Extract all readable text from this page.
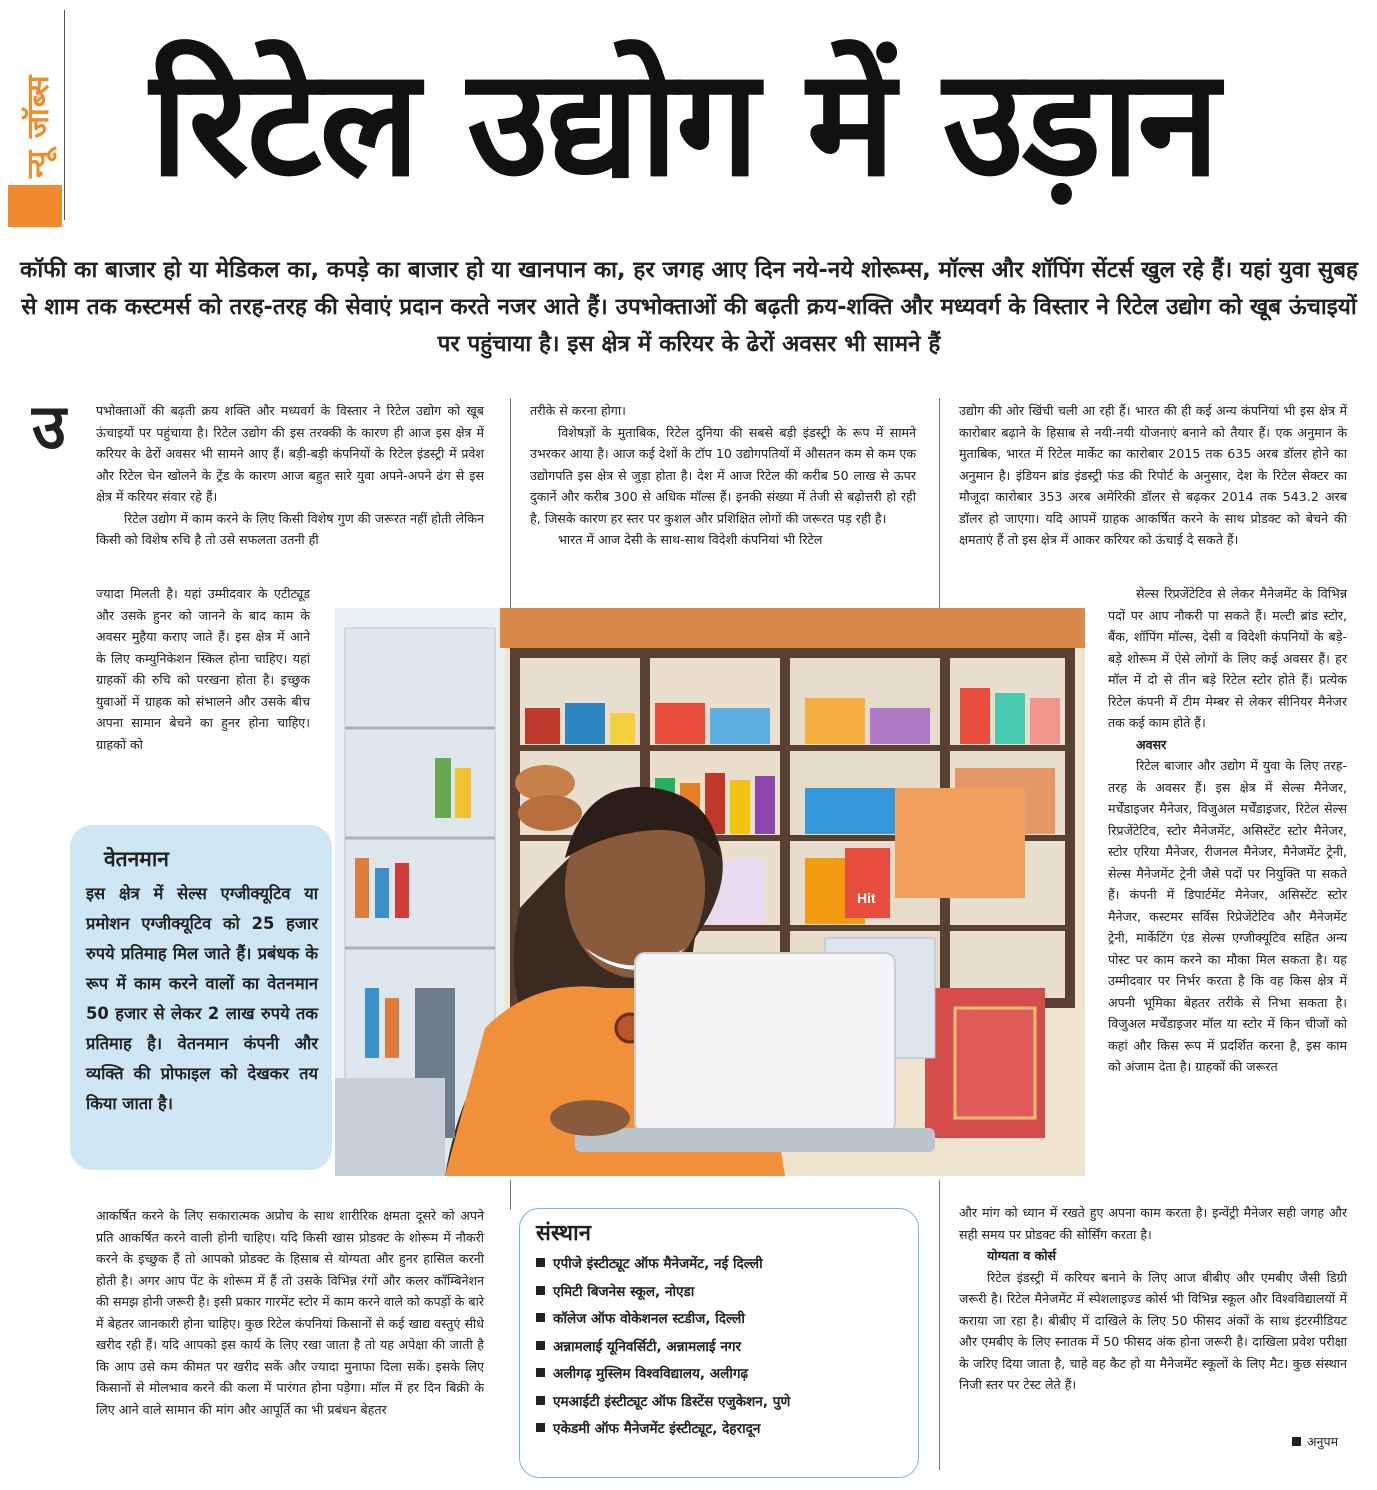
न्यू जॉब्स रिटेल उद्योग में उड़ान
कॉफी का बाजार हो या मेडिकल का, कपड़े का बाजार हो या खानपान का, हर जगह आए दिन नये-नये शोरूम्स, मॉल्स और शॉपिंग सेंटर्स खुल रहे हैं। यहां युवा सुबह से शाम तक कस्टमर्स को तरह-तरह की सेवाएं प्रदान करते नजर आते हैं। उपभोक्ताओं की बढ़ती क्रय-शक्ति और मध्यवर्ग के विस्तार ने रिटेल उद्योग को खूब ऊंचाइयों पर पहुंचाया है। इस क्षेत्र में करियर के ढेरों अवसर भी सामने हैं
उ पभोक्ताओं की बढ़ती क्रय शक्ति और मध्यवर्ग के विस्तार ने रिटेल उद्योग को खूब ऊंचाइयों पर पहुंचाया है। रिटेल उद्योग की इस तरक्की के कारण ही आज इस क्षेत्र में करियर के ढेरों अवसर भी सामने आए हैं। बड़ी-बड़ी कंपनियों के रिटेल इंडस्ट्री में प्रवेश और रिटेल चेन खोलने के ट्रेंड के कारण आज बहुत सारे युवा अपने-अपने ढंग से इस क्षेत्र में करियर संवार रहे हैं।

रिटेल उद्योग में काम करने के लिए किसी विशेष गुण की जरूरत नहीं होती लेकिन किसी को विशेष रुचि है तो उसे सफलता उतनी ही

ज्यादा मिलती है। यहां उम्मीदवार के एटीट्यूड और उसके हुनर को जानने के बाद काम के अवसर मुहैया कराए जाते हैं। इस क्षेत्र में आने के लिए कम्युनिकेशन स्किल होना चाहिए। यहां ग्राहकों की रुचि को परखना होता है। इच्छुक युवाओं में ग्राहक को संभालने और उसके बीच अपना सामान बेचने का हुनर होना चाहिए। ग्राहकों को

आकर्षित करने के लिए सकारात्मक अप्रोच के साथ शारीरिक क्षमता दूसरे को अपने प्रति आकर्षित करने वाली होनी चाहिए। यदि किसी खास प्रोडक्ट के शोरूम में नौकरी करने के इच्छुक हैं तो आपको प्रोडक्ट के हिसाब से योग्यता और हुनर हासिल करनी होती है। अगर आप पेंट के शोरूम में हैं तो उसके विभिन्न रंगों और कलर कॉम्बिनेशन की समझ होनी जरूरी है। इसी प्रकार गारमेंट स्टोर में काम करने वाले को कपड़ों के बारे में बेहतर जानकारी होना चाहिए। कुछ रिटेल कंपनियां किसानों से कई खाद्य वस्तुएं सीधे खरीद रही हैं। यदि आपको इस कार्य के लिए रखा जाता है तो यह अपेक्षा की जाती है कि आप उसे कम कीमत पर खरीद सकें और ज्यादा मुनाफा दिला सकें। इसके लिए किसानों से मोलभाव करने की कला में पारंगत होना पड़ेगा। मॉल में हर दिन बिक्री के लिए आने वाले सामान की मांग और आपूर्ति का भी प्रबंधन बेहतर

तरीके से करना होगा।

विशेषज्ञों के मुताबिक, रिटेल दुनिया की सबसे बड़ी इंडस्ट्री के रूप में सामने उभरकर आया है। आज कई देशों के टॉप 10 उद्योगपतियों में औसतन कम से कम एक उद्योगपति इस क्षेत्र से जुड़ा होता है। देश में आज रिटेल की करीब 50 लाख से ऊपर दुकानें और करीब 300 से अधिक मॉल्स हैं। इनकी संख्या में तेजी से बढ़ोत्तरी हो रही है, जिसके कारण हर स्तर पर कुशल और प्रशिक्षित लोगों की जरूरत पड़ रही है।

भारत में आज देसी के साथ-साथ विदेशी कंपनियां भी रिटेल

उद्योग की ओर खिंची चली आ रही हैं। भारत की ही कई अन्य कंपनियां भी इस क्षेत्र में कारोबार बढ़ाने के हिसाब से नयी-नयी योजनाएं बनाने को तैयार हैं। एक अनुमान के मुताबिक, भारत में रिटेल मार्केट का कारोबार 2015 तक 635 अरब डॉलर होने का अनुमान है। इंडियन ब्रांड इंडस्ट्री फंड की रिपोर्ट के अनुसार, देश के रिटेल सेक्टर का मौजूदा कारोबार 353 अरब अमेरिकी डॉलर से बढ़कर 2014 तक 543.2 अरब डॉलर हो जाएगा। यदि आपमें ग्राहक आकर्षित करने के साथ प्रोडक्ट को बेचने की क्षमताएं हैं तो इस क्षेत्र में आकर करियर को ऊंचाई दे सकते हैं।

सेल्स रिप्रजेंटेटिव से लेकर मैनेजमेंट के विभिन्न पदों पर आप नौकरी पा सकते हैं। मल्टी ब्रांड स्टोर, बैंक, शॉपिंग मॉल्स, देसी व विदेशी कंपनियों के बड़े-बड़े शोरूम में ऐसे लोगों के लिए कई अवसर हैं। हर मॉल में दो से तीन बड़े रिटेल स्टोर होते हैं। प्रत्येक रिटेल कंपनी में टीम मेम्बर से लेकर सीनियर मैनेजर तक कई काम होते हैं।

अवसर

रिटेल बाजार और उद्योग में युवा के लिए तरह-तरह के अवसर हैं। इस क्षेत्र में सेल्स मैनेजर, मर्चेंडाइजर मैनेजर, विजुअल मर्चेंडाइजर, रिटेल सेल्स रिप्रजेंटेटिव, स्टोर मैनेजमेंट, असिस्टेंट स्टोर मैनेजर, स्टोर एरिया मैनेजर, रीजनल मैनेजर, मैनेजमेंट ट्रेनी, सेल्स मैनेजमेंट ट्रेनी जैसे पदों पर नियुक्ति पा सकते हैं। कंपनी में डिपार्टमेंट मैनेजर, असिस्टेंट स्टोर मैनेजर, कस्टमर सर्विस रिप्रेजेंटेटिव और मैनेजमेंट ट्रेनी, मार्केटिंग एंड सेल्स एग्जीक्यूटिव सहित अन्य पोस्ट पर काम करने का मौका मिल सकता है। यह उम्मीदवार पर निर्भर करता है कि वह किस क्षेत्र में अपनी भूमिका बेहतर तरीके से निभा सकता है। विजुअल मर्चेंडाइजर मॉल या स्टोर में किन चीजों को कहां और किस रूप में प्रदर्शित करना है, इस काम को अंजाम देता है। ग्राहकों की जरूरत

और मांग को ध्यान में रखते हुए अपना काम करता है। इन्वेंट्री मैनेजर सही जगह और सही समय पर प्रोडक्ट की सोर्सिंग करता है।

योग्यता व कोर्स

रिटेल इंडस्ट्री में करियर बनाने के लिए आज बीबीए और एमबीए जैसी डिग्री जरूरी है। रिटेल मैनेजमेंट में स्पेशलाइज्ड कोर्स भी विभिन्न स्कूल और विश्वविद्यालयों में कराया जा रहा है। बीबीए में दाखिले के लिए 50 फीसद अंकों के साथ इंटरमीडियट और एमबीए के लिए स्नातक में 50 फीसद अंक होना जरूरी है। दाखिला प्रवेश परीक्षा के जरिए दिया जाता है, चाहे वह कैट हो या मैनेजमेंट स्कूलों के लिए मैट। कुछ संस्थान निजी स्तर पर टेस्ट लेते हैं।

Hit
वेतनमान

इस क्षेत्र में सेल्स एग्जीक्यूटिव या प्रमोशन एग्जीक्यूटिव को 25 हजार रुपये प्रतिमाह मिल जाते हैं। प्रबंधक के रूप में काम करने वालों का वेतनमान 50 हजार से लेकर 2 लाख रुपये तक प्रतिमाह है। वेतनमान कंपनी और व्यक्ति की प्रोफाइल को देखकर तय किया जाता है।

संस्थान
एपीजे इंस्टीट्यूट ऑफ मैनेजमेंट, नई दिल्ली
एमिटी बिजनेस स्कूल, नोएडा
कॉलेज ऑफ वोकेशनल स्टडीज, दिल्ली
अन्नामलाई यूनिवर्सिटी, अन्नामलाई नगर
अलीगढ़ मुस्लिम विश्वविद्यालय, अलीगढ़
एमआईटी इंस्टीट्यूट ऑफ डिस्टेंस एजुकेशन, पुणे
एकेडमी ऑफ मैनेजमेंट इंस्टीट्यूट, देहरादून
अनुपम
